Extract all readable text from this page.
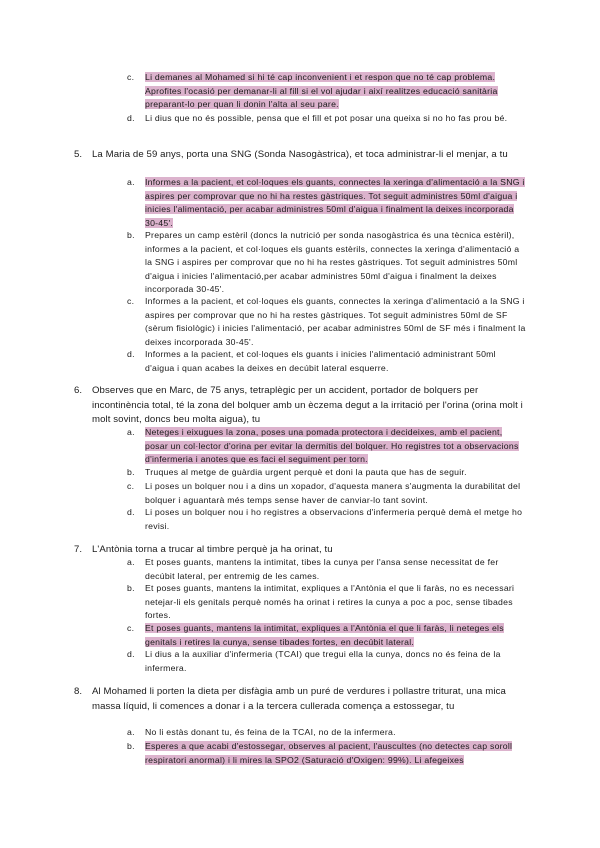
c. Li demanes al Mohamed si hi té cap inconvenient i et respon que no té cap problema. Aprofites l'ocasió per demanar-li al fill si el vol ajudar i així realitzes educació sanitària preparant-lo per quan li donin l'alta al seu pare.
d. Li dius que no és possible, pensa que el fill et pot posar una queixa si no ho fas prou bé.
5. La Maria de 59 anys, porta una SNG (Sonda Nasogàstrica), et toca administrar-li el menjar, a tu
a. Informes a la pacient, et col·loques els guants, connectes la xeringa d'alimentació a la SNG i aspires per comprovar que no hi ha restes gàstriques. Tot seguit administres 50ml d'aigua i inicies l'alimentació, per acabar administres 50ml d'aigua i finalment la deixes incorporada 30-45'.
b. Prepares un camp estèril (doncs la nutrició per sonda nasogàstrica és una tècnica estèril), informes a la pacient, et col·loques els guants estèrils, connectes la xeringa d'alimentació a la SNG i aspires per comprovar que no hi ha restes gàstriques. Tot seguit administres 50ml d'aigua i inicies l'alimentació,per acabar administres 50ml d'aigua i finalment la deixes incorporada 30-45'.
c. Informes a la pacient, et col·loques els guants, connectes la xeringa d'alimentació a la SNG i aspires per comprovar que no hi ha restes gàstriques. Tot seguit administres 50ml de SF (sèrum fisiològic) i inicies l'alimentació, per acabar administres 50ml de SF més i finalment la deixes incorporada 30-45'.
d. Informes a la pacient, et col·loques els guants i inicies l'alimentació administrant 50ml d'aigua i quan acabes la deixes en decúbit lateral esquerre.
6. Observes que en Marc, de 75 anys, tetraplègic per un accident, portador de bolquers per incontinència total, té la zona del bolquer amb un èczema degut a la irritació per l'orina (orina molt i molt sovint, doncs beu molta aigua), tu
a. Neteges i eixugues la zona, poses una pomada protectora i decideixes, amb el pacient, posar un col·lector d'orina per evitar la dermitis del bolquer. Ho registres tot a observacions d'infermeria i anotes que es faci el seguiment per torn.
b. Truques al metge de guàrdia urgent perquè et doni la pauta que has de seguir.
c. Li poses un bolquer nou i a dins un xopador, d'aquesta manera s'augmenta la durabilitat del bolquer i aguantarà més temps sense haver de canviar-lo tant sovint.
d. Li poses un bolquer nou i ho registres a observacions d'infermeria perquè demà el metge ho revisi.
7. L'Antònia torna a trucar al timbre perquè ja ha orinat, tu
a. Et poses guants, mantens la intimitat, tibes la cunya per l'ansa sense necessitat de fer decúbit lateral, per entremig de les cames.
b. Et poses guants, mantens la intimitat, expliques a l'Antònia el que li faràs, no es necessari netejar-li els genitals perquè només ha orinat i retires la cunya a poc a poc, sense tibades fortes.
c. Et poses guants, mantens la intimitat, expliques a l'Antònia el que li faràs, li neteges els genitals i retires la cunya, sense tibades fortes, en decúbit lateral.
d. Li dius a la auxiliar d'infermeria (TCAI) que tregui ella la cunya, doncs no és feina de la infermera.
8. Al Mohamed li porten la dieta per disfàgia amb un puré de verdures i pollastre triturat, una mica massa líquid, li comences a donar i a la tercera cullerada comença a estossegar, tu
a. No li estàs donant tu, és feina de la TCAI, no de la infermera.
b. Esperes a que acabi d'estossegar, observes al pacient, l'auscultes (no detectes cap soroll respiratori anormal) i li mires la SPO2 (Saturació d'Oxigen: 99%). Li afegeixes
